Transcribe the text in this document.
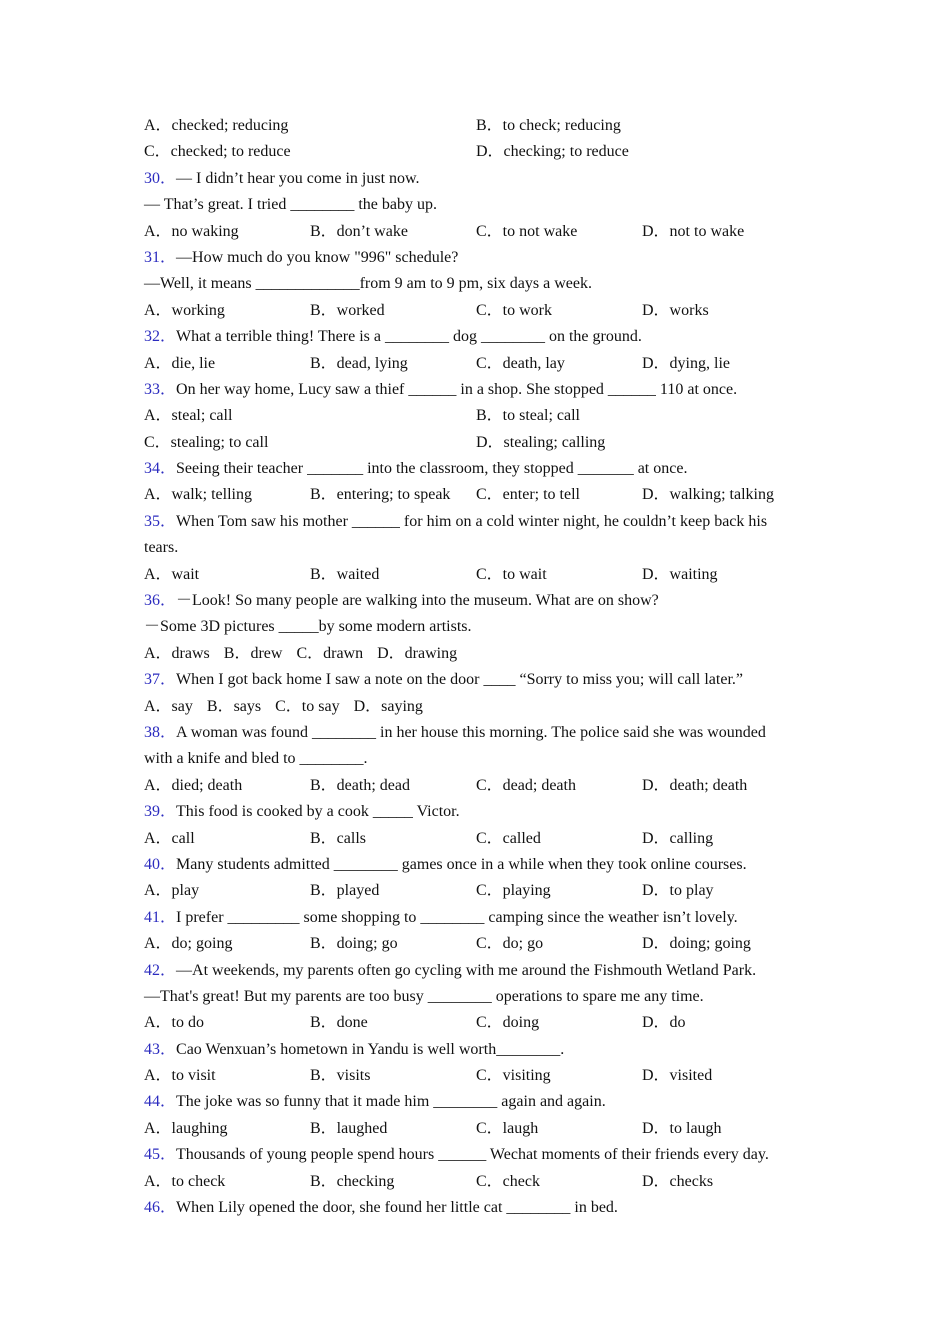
A．checked; reducing	B．to check; reducing
C．checked; to reduce	D．checking; to reduce
30．— I didn’t hear you come in just now.
— That’s great. I tried ________ the baby up.
A．no waking	B．don’t wake	C．to not wake	D．not to wake
31．—How much do you know "996" schedule?
—Well, it means _____________from 9 am to 9 pm, six days a week.
A．working	B．worked	C．to work	D．works
32．What a terrible thing! There is a ________ dog ________ on the ground.
A．die, lie	B．dead, lying	C．death, lay	D．dying, lie
33．On her way home, Lucy saw a thief ______ in a shop. She stopped ______ 110 at once.
A．steal; call	B．to steal; call
C．stealing; to call	D．stealing; calling
34．Seeing their teacher _______ into the classroom, they stopped _______ at once.
A．walk; telling	B．entering; to speak C．enter; to tell	D．walking; talking
35．When Tom saw his mother ______ for him on a cold winter night, he couldn’t keep back his
tears.
A．wait	B．waited	C．to wait	D．waiting
36．－Look! So many people are walking into the museum. What are on show?
－Some 3D pictures _____by some modern artists.
A．draws B．drew C．drawn D．drawing
37．When I got back home I saw a note on the door ____ “Sorry to miss you; will call later.”
A．say B．says C．to say D．saying
38．A woman was found ________ in her house this morning. The police said she was wounded
with a knife and bled to ________.
A．died; death	B．death; dead	C．dead; death	D．death; death
39．This food is cooked by a cook _____ Victor.
A．call	B．calls	C．called	D．calling
40．Many students admitted ________ games once in a while when they took online courses.
A．play	B．played	C．playing	D．to play
41．I prefer _________ some shopping to ________ camping since the weather isn’t lovely.
A．do; going	B．doing; go	C．do; go	D．doing; going
42．—At weekends, my parents often go cycling with me around the Fishmouth Wetland Park.
—That's great! But my parents are too busy ________ operations to spare me any time.
A．to do	B．done	C．doing	D．do
43．Cao Wenxuan’s hometown in Yandu is well worth________.
A．to visit	B．visits	C．visiting	D．visited
44．The joke was so funny that it made him ________ again and again.
A．laughing	B．laughed	C．laugh	D．to laugh
45．Thousands of young people spend hours ______ Wechat moments of their friends every day.
A．to check	B．checking	C．check	D．checks
46．When Lily opened the door, she found her little cat ________ in bed.
